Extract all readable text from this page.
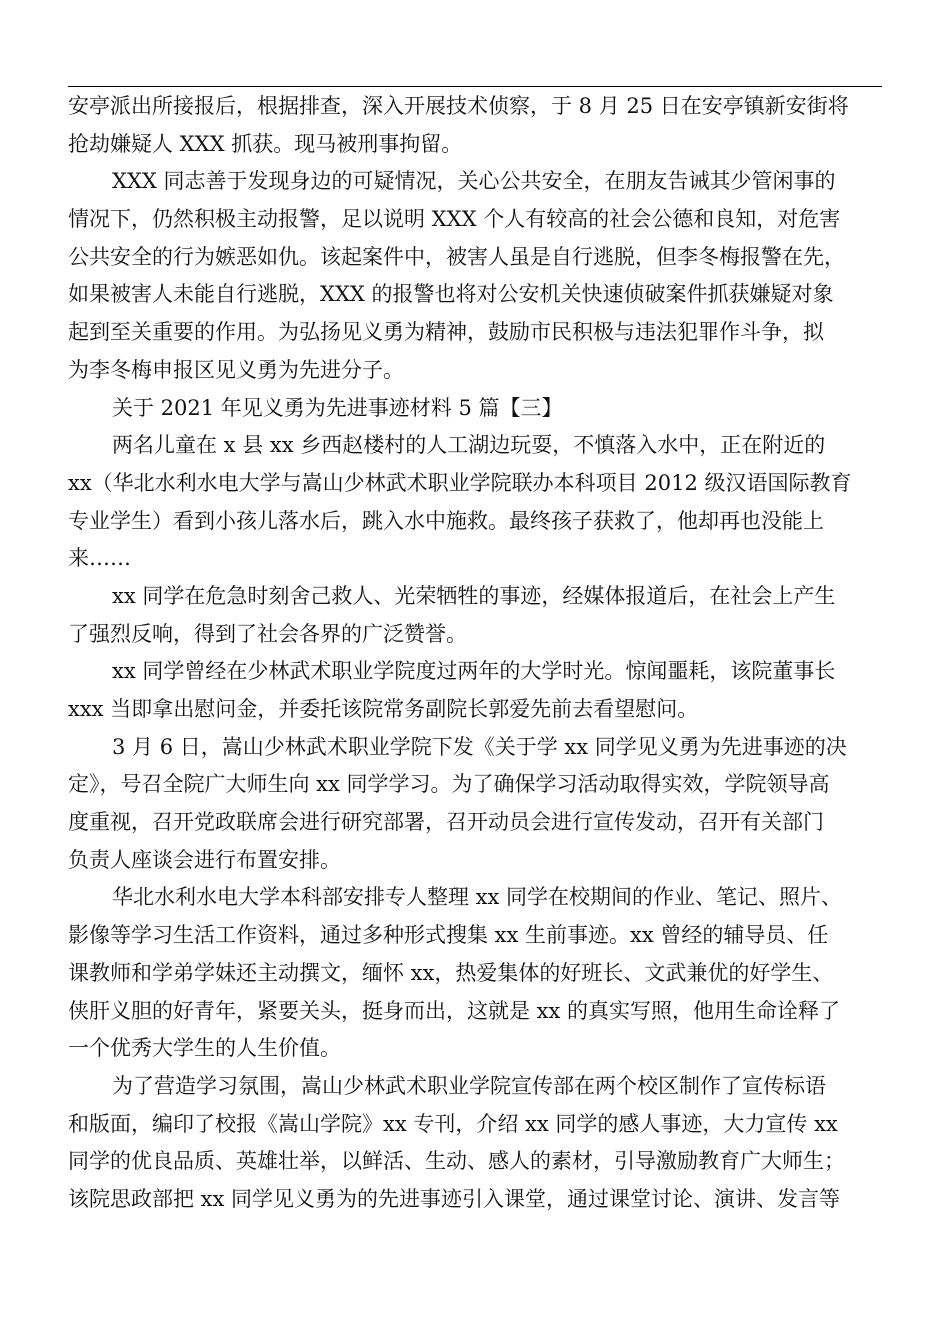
安亭派出所接报后，根据排查，深入开展技术侦察，于 8 月 25 日在安亭镇新安街将
抢劫嫌疑人 XXX 抓获。现马被刑事拘留。
XXX 同志善于发现身边的可疑情况，关心公共安全，在朋友告诫其少管闲事的
情况下，仍然积极主动报警，足以说明 XXX 个人有较高的社会公德和良知，对危害
公共安全的行为嫉恶如仇。该起案件中，被害人虽是自行逃脱，但李冬梅报警在先，
如果被害人未能自行逃脱，XXX 的报警也将对公安机关快速侦破案件抓获嫌疑对象
起到至关重要的作用。为弘扬见义勇为精神，鼓励市民积极与违法犯罪作斗争，拟
为李冬梅申报区见义勇为先进分子。
关于 2021 年见义勇为先进事迹材料 5 篇【三】
两名儿童在 x 县 xx 乡西赵楼村的人工湖边玩耍，不慎落入水中，正在附近的
xx（华北水利水电大学与嵩山少林武术职业学院联办本科项目 2012 级汉语国际教育
专业学生）看到小孩儿落水后，跳入水中施救。最终孩子获救了，他却再也没能上
来……
xx 同学在危急时刻舍己救人、光荣牺牲的事迹，经媒体报道后，在社会上产生
了强烈反响，得到了社会各界的广泛赞誉。
xx 同学曾经在少林武术职业学院度过两年的大学时光。惊闻噩耗，该院董事长
xxx 当即拿出慰问金，并委托该院常务副院长郭爱先前去看望慰问。
3 月 6 日，嵩山少林武术职业学院下发《关于学 xx 同学见义勇为先进事迹的决
定》，号召全院广大师生向 xx 同学学习。为了确保学习活动取得实效，学院领导高
度重视，召开党政联席会进行研究部署，召开动员会进行宣传发动，召开有关部门
负责人座谈会进行布置安排。
华北水利水电大学本科部安排专人整理 xx 同学在校期间的作业、笔记、照片、
影像等学习生活工作资料，通过多种形式搜集 xx 生前事迹。xx 曾经的辅导员、任
课教师和学弟学妹还主动撰文，缅怀 xx，热爱集体的好班长、文武兼优的好学生、
侠肝义胆的好青年，紧要关头，挺身而出，这就是 xx 的真实写照，他用生命诠释了
一个优秀大学生的人生价值。
为了营造学习氛围，嵩山少林武术职业学院宣传部在两个校区制作了宣传标语
和版面，编印了校报《嵩山学院》xx 专刊，介绍 xx 同学的感人事迹，大力宣传 xx
同学的优良品质、英雄壮举，以鲜活、生动、感人的素材，引导激励教育广大师生；
该院思政部把 xx 同学见义勇为的先进事迹引入课堂，通过课堂讨论、演讲、发言等
